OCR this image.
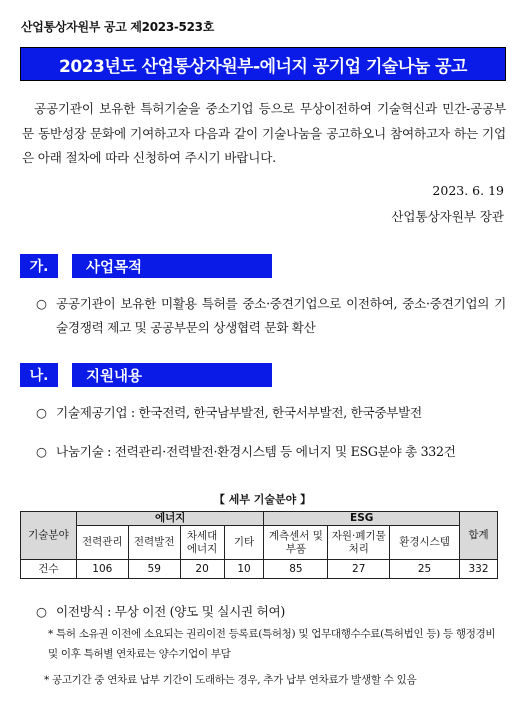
산업통상자원부 공고 제2023-523호
2023년도 산업통상자원부-에너지 공기업 기술나눔 공고

공공기관이 보유한 특허기술을 중소기업 등으로 무상이전하여 기술혁신과 민간-공공부문 동반성장 문화에 기여하고자 다음과 같이 기술나눔을 공고하오니 참여하고자 하는 기업은 아래 절차에 따라 신청하여 주시기 바랍니다.

2023. 6. 19
산업통상자원부 장관
가.	사업목적
○ 공공기관이 보유한 미활용 특허를 중소·중견기업으로 이전하여, 중소·중견기업의 기술경쟁력 제고 및 공공부문의 상생협력 문화 확산
나.	지원내용
○ 기술제공기업 : 한국전력, 한국남부발전, 한국서부발전, 한국중부발전
○ 나눔기술 : 전력관리·전력발전·환경시스템 등 에너지 및 ESG분야 총 332건
【 세부 기술분야 】
기술분야	에너지				ESG			합계
	전력관리	전력발전	차세대 에너지	기타	계측센서 및 부품	자원·폐기물 처리	환경시스템	
건수	106	59	20	10	85	27	25	332
○ 이전방식 : 무상 이전 (양도 및 실시권 허여)
* 특허 소유권 이전에 소요되는 권리이전 등록료(특허청) 및 업무대행수수료(특허법인 등) 등 행정경비 및 이후 특허별 연차료는 양수기업이 부담
* 공고기간 중 연차료 납부 기간이 도래하는 경우, 추가 납부 연차료가 발생할 수 있음
